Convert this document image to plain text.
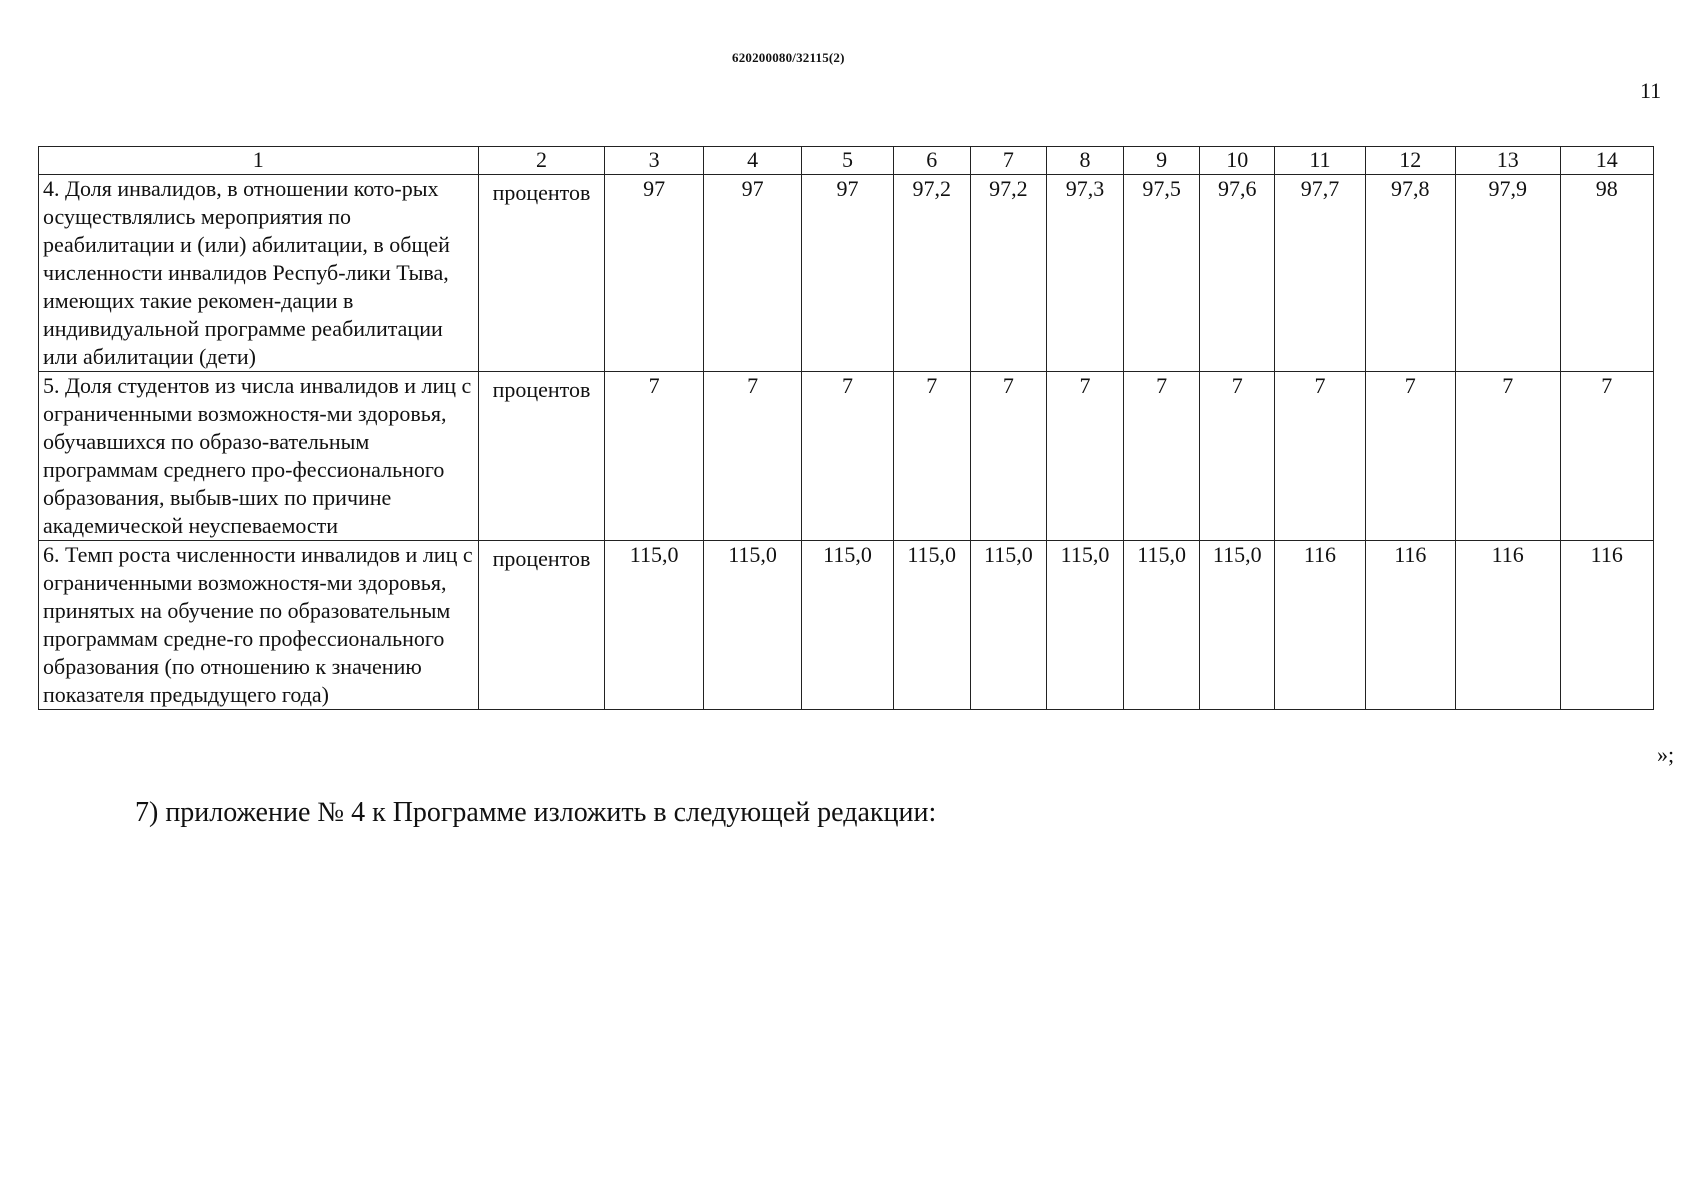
620200080/32115(2)
11
1	2	3	4	5	6	7	8	9	10	11	12	13	14
4. Доля инвалидов, в отношении кото-рых осуществлялись мероприятия по реабилитации и (или) абилитации, в общей численности инвалидов Респуб-лики Тыва, имеющих такие рекомен-дации в индивидуальной программе реабилитации или абилитации (дети)	процентов	97	97	97	97,2	97,2	97,3	97,5	97,6	97,7	97,8	97,9	98
5. Доля студентов из числа инвалидов и лиц с ограниченными возможностя-ми здоровья, обучавшихся по образо-вательным программам среднего про-фессионального образования, выбыв-ших по причине академической неуспеваемости	процентов	7	7	7	7	7	7	7	7	7	7	7	7
6. Темп роста численности инвалидов и лиц с ограниченными возможностя-ми здоровья, принятых на обучение по образовательным программам средне-го профессионального образования (по отношению к значению показателя предыдущего года)	процентов	115,0	115,0	115,0	115,0	115,0	115,0	115,0	115,0	116	116	116	116
»;
7) приложение № 4 к Программе изложить в следующей редакции:
